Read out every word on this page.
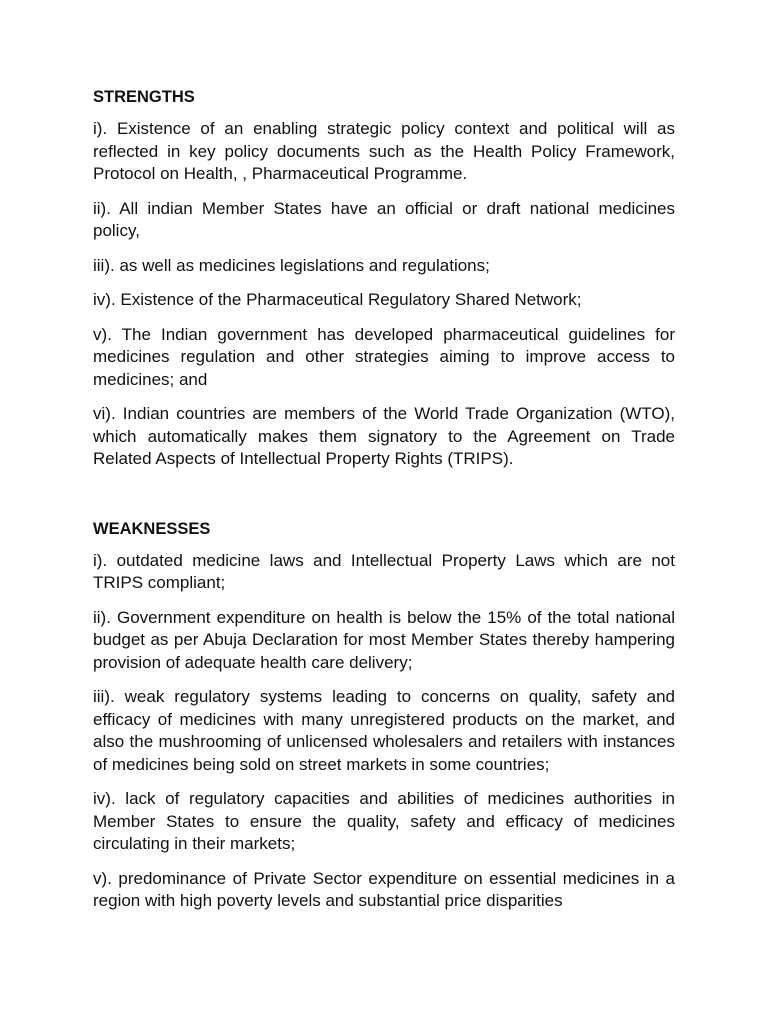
STRENGTHS

i). Existence of an enabling strategic policy context and political will as reflected in key policy documents such as the Health Policy Framework, Protocol on Health, , Pharmaceutical Programme.

ii). All indian Member States have an official or draft national medicines policy,

iii). as well as medicines legislations and regulations;

iv). Existence of the Pharmaceutical Regulatory Shared Network;

v). The Indian government has developed pharmaceutical guidelines for medicines regulation and other strategies aiming to improve access to medicines; and

vi). Indian countries are members of the World Trade Organization (WTO), which automatically makes them signatory to the Agreement on Trade Related Aspects of Intellectual Property Rights (TRIPS).

WEAKNESSES

i). outdated medicine laws and Intellectual Property Laws which are not TRIPS compliant;

ii). Government expenditure on health is below the 15% of the total national budget as per Abuja Declaration for most Member States thereby hampering provision of adequate health care delivery;

iii). weak regulatory systems leading to concerns on quality, safety and efficacy of medicines with many unregistered products on the market, and also the mushrooming of unlicensed wholesalers and retailers with instances of medicines being sold on street markets in some countries;

iv). lack of regulatory capacities and abilities of medicines authorities in Member States to ensure the quality, safety and efficacy of medicines circulating in their markets;

v). predominance of Private Sector expenditure on essential medicines in a region with high poverty levels and substantial price disparities
